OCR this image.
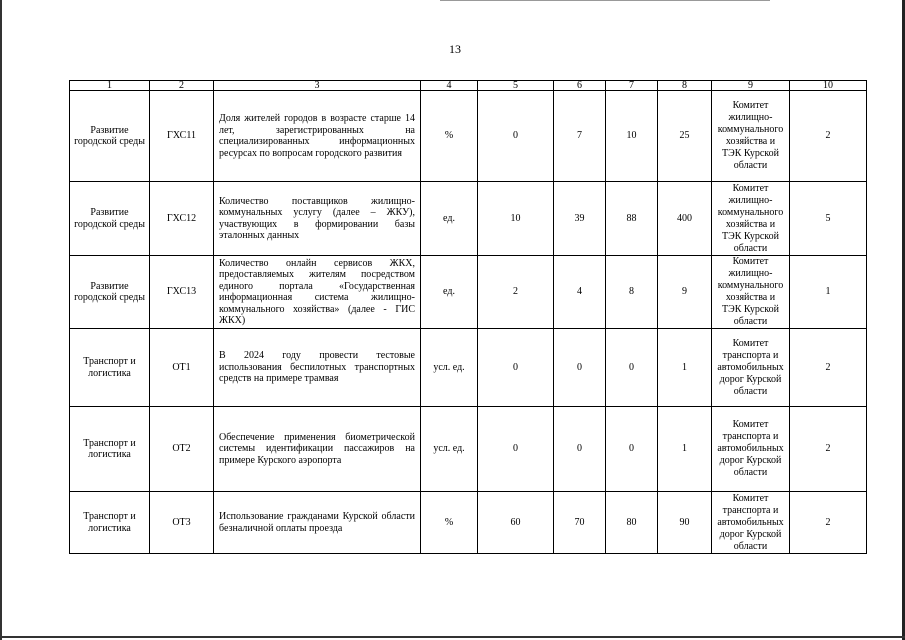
13
1	2	3	4	5	6	7	8	9	10
Развитие городской среды	ГХС11	Доля жителей городов в возрасте старше 14 лет, зарегистрированных на специализированных информационных ресурсах по вопросам городского развития	%	0	7	10	25	Комитет жилищно-коммунального хозяйства и ТЭК Курской области	2
Развитие городской среды	ГХС12	Количество поставщиков жилищно-коммунальных услугу (далее – ЖКУ), участвующих в формировании базы эталонных данных	ед.	10	39	88	400	Комитет жилищно-коммунального хозяйства и ТЭК Курской области	5
Развитие городской среды	ГХС13	Количество онлайн сервисов ЖКХ, предоставляемых жителям посредством единого портала «Государственная информационная система жилищно-коммунального хозяйства» (далее - ГИС ЖКХ)	ед.	2	4	8	9	Комитет жилищно-коммунального хозяйства и ТЭК Курской области	1
Транспорт и логистика	ОТ1	В 2024 году провести тестовые использования беспилотных транспортных средств на примере трамвая	усл. ед.	0	0	0	1	Комитет транспорта и автомобильных дорог Курской области	2
Транспорт и логистика	ОТ2	Обеспечение применения биометрической системы идентификации пассажиров на примере Курского аэропорта	усл. ед.	0	0	0	1	Комитет транспорта и автомобильных дорог Курской области	2
Транспорт и логистика	ОТ3	Использование гражданами Курской области безналичной оплаты проезда	%	60	70	80	90	Комитет транспорта и автомобильных дорог Курской области	2
